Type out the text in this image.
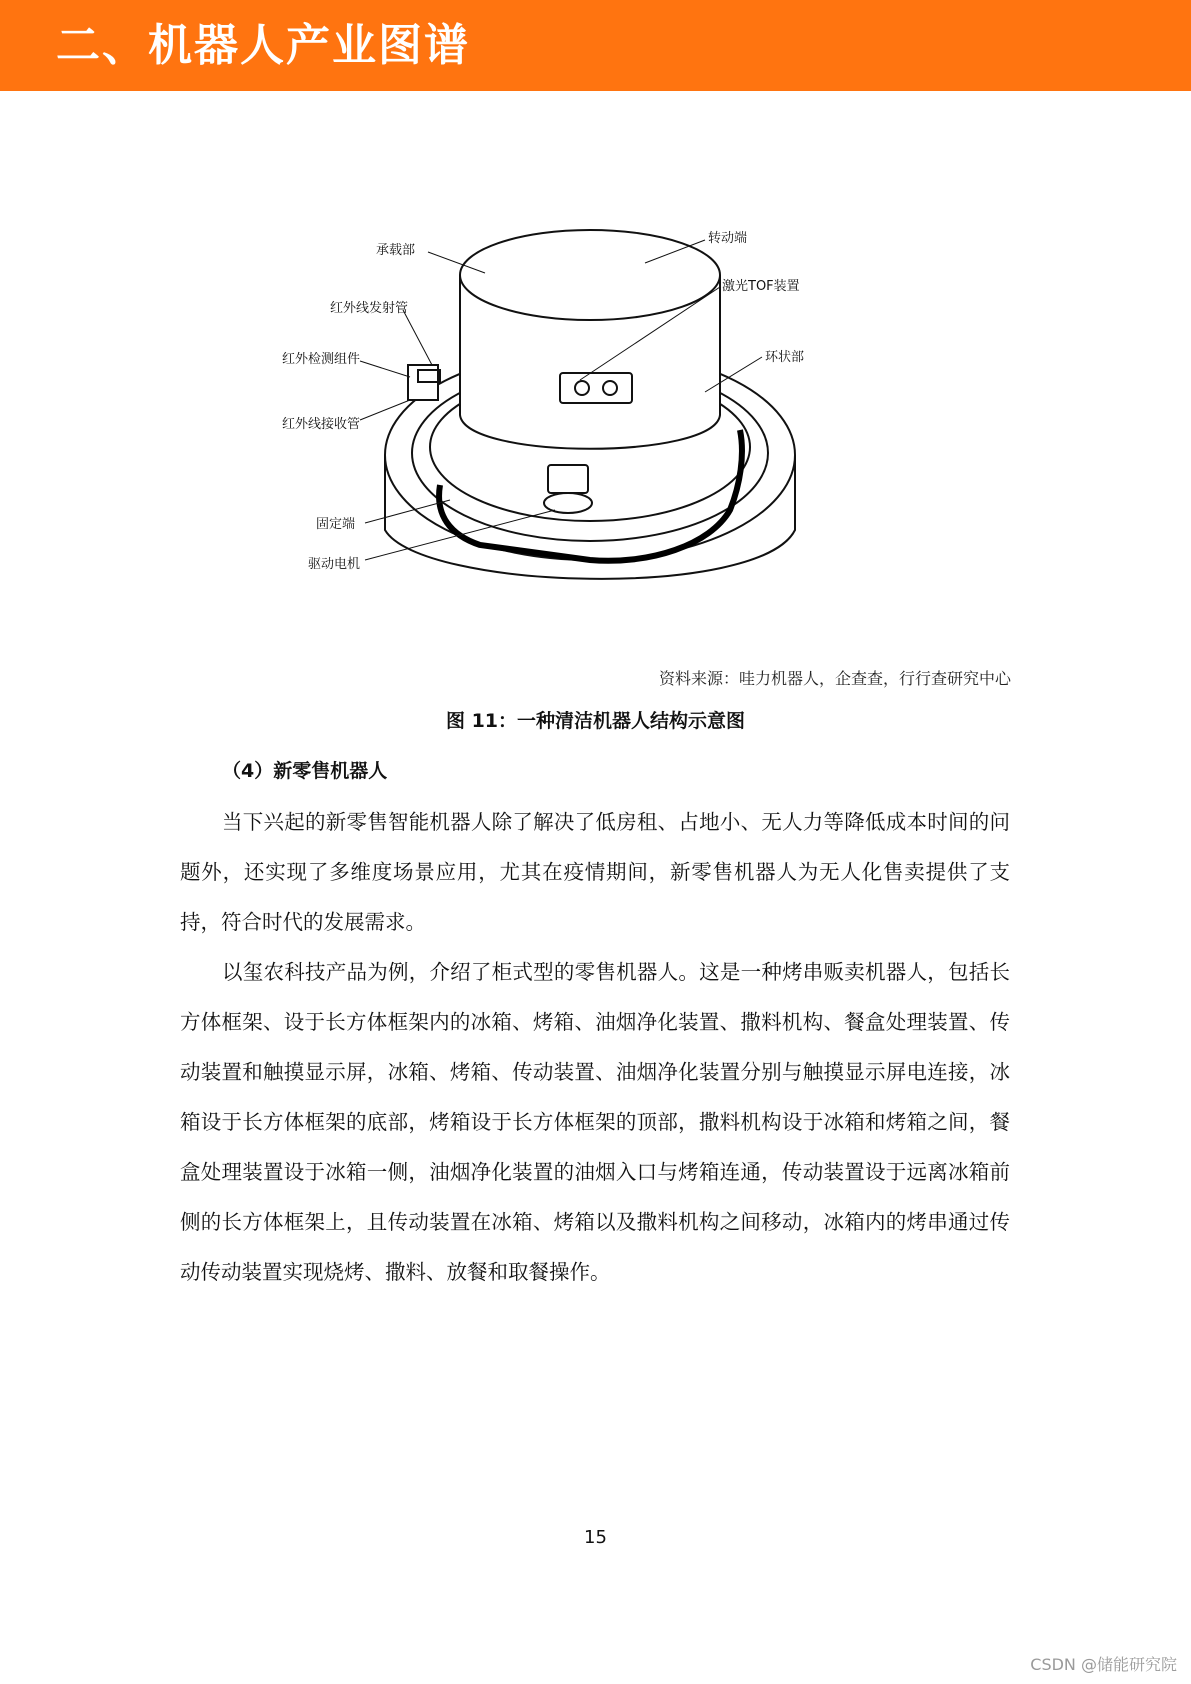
二、机器人产业图谱
承载部
红外线发射管
红外检测组件
红外线接收管
固定端
驱动电机
转动端
激光TOF装置
环状部
资料来源：哇力机器人，企查查，行行查研究中心
图 11：一种清洁机器人结构示意图
（4）新零售机器人

当下兴起的新零售智能机器人除了解决了低房租、占地小、无人力等降低成本时间的问题外，还实现了多维度场景应用，尤其在疫情期间，新零售机器人为无人化售卖提供了支持，符合时代的发展需求。

以玺农科技产品为例，介绍了柜式型的零售机器人。这是一种烤串贩卖机器人，包括长方体框架、设于长方体框架内的冰箱、烤箱、油烟净化装置、撒料机构、餐盒处理装置、传动装置和触摸显示屏，冰箱、烤箱、传动装置、油烟净化装置分别与触摸显示屏电连接，冰箱设于长方体框架的底部，烤箱设于长方体框架的顶部，撒料机构设于冰箱和烤箱之间，餐盒处理装置设于冰箱一侧，油烟净化装置的油烟入口与烤箱连通，传动装置设于远离冰箱前侧的长方体框架上，且传动装置在冰箱、烤箱以及撒料机构之间移动，冰箱内的烤串通过传动传动装置实现烧烤、撒料、放餐和取餐操作。

15
CSDN @储能研究院
